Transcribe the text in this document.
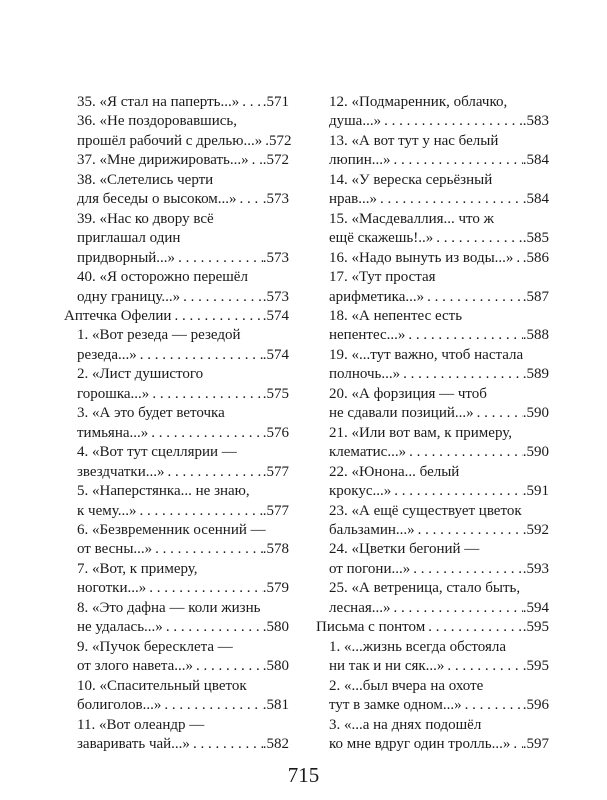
35. «Я стал на паперть...» . . . .571
36. «Не поздоровавшись,
прошёл рабочий с дрелью...» . . . .572
37. «Мне дирижировать...» . . . .572
38. «Слетелись черти
для беседы о высоком...» . . . .573
39. «Нас ко двору всё
приглашал один
придворный...» . . .	.573
40. «Я осторожно перешёл
одну границу...» . . .	.573
Аптечка Офелии . . .	.574
1. «Вот резеда — резедой
резеда...» . . .	.574
2. «Лист душистого
горошка...» . . .	.575
3. «А это будет веточка
тимьяна...» . . .	.576
4. «Вот тут сцеллярии —
звездчатки...» . . .	.577
5. «Наперстянка... не знаю,
к чему...» . . .	.577
6. «Безвременник осенний —
от весны...» . . .	.578
7. «Вот, к примеру,
ноготки...» . . .	.579
8. «Это дафна — коли жизнь
не удалась...» . . .	.580
9. «Пучок бересклета —
от злого навета...» . . .	.580
10. «Спасительный цветок
болиголов...» . . .	.581
11. «Вот олеандр —
заваривать чай...» . . .	.582
12. «Подмаренник, облачко,
душа...» . . .	.583
13. «А вот тут у нас белый
люпин...» . . .	.584
14. «У вереска серьёзный
нрав...» . . .	.584
15. «Масдеваллия... что ж
ещё скажешь!..» . . .	.585
16. «Надо вынуть из воды...» . . . .586
17. «Тут простая
арифметика...» . . .	.587
18. «А непентес есть
непентес...» . . .	.588
19. «...тут важно, чтоб настала
полночь...» . . .	.589
20. «А форзиция — чтоб
не сдавали позиций...» . . .	.590
21. «Или вот вам, к примеру,
клематис...» . . .	.590
22. «Юнона... белый
крокус...» . . .	.591
23. «А ещё существует цветок
бальзамин...» . . .	.592
24. «Цветки бегоний —
от погони...» . . .	.593
25. «А ветреница, стало быть,
лесная...» . . .	.594
Письма с понтом . . .	.595
1. «...жизнь всегда обстояла
ни так и ни сяк...» . . .	.595
2. «...был вчера на охоте
тут в замке одном...» . . .	.596
3. «...а на днях подошёл
ко мне вдруг один тролль...» . . . .597
715
